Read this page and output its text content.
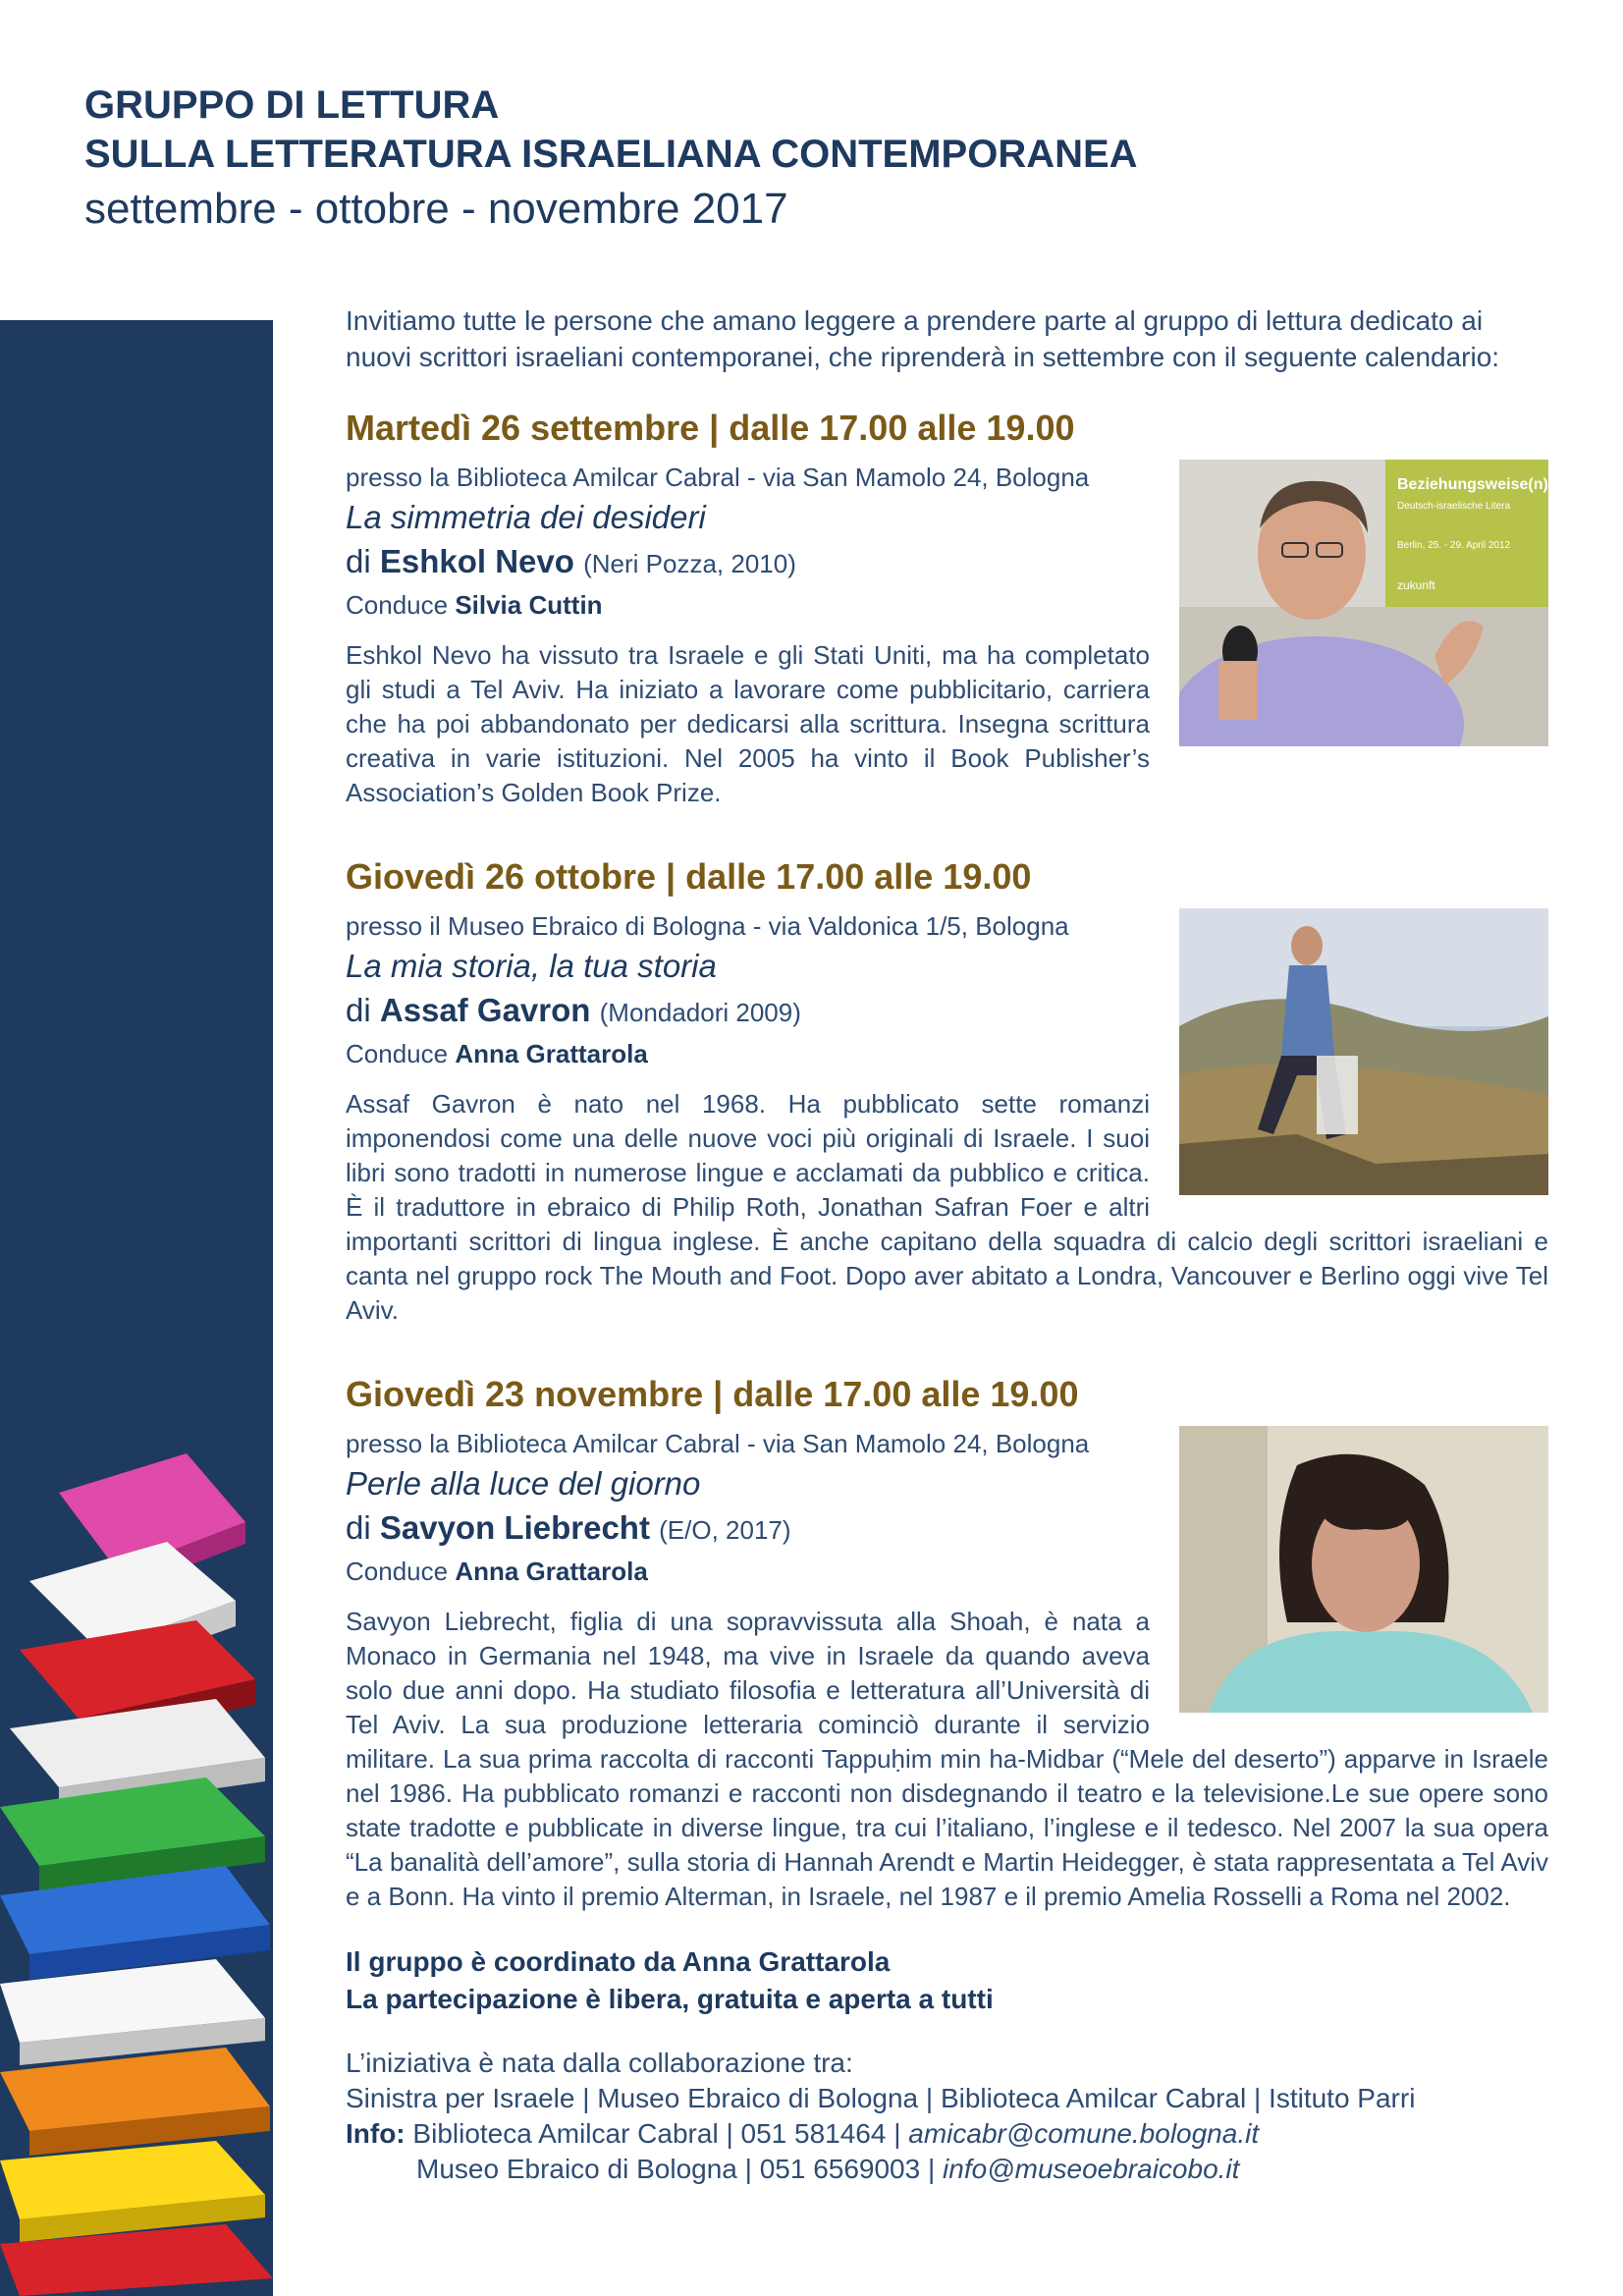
GRUPPO DI LETTURA
SULLA LETTERATURA ISRAELIANA CONTEMPORANEA
settembre - ottobre - novembre 2017

Invitiamo tutte le persone che amano leggere a prendere parte al gruppo di lettura dedicato ai nuovi scrittori israeliani contemporanei, che riprenderà in settembre con il seguente calendario:

Martedì 26 settembre | dalle 17.00 alle 19.00
Beziehungsweise(n)
Deutsch-israelische Litera
Berlin, 25. - 29. April 2012
zukunft
presso la Biblioteca Amilcar Cabral - via San Mamolo 24, Bologna
La simmetria dei desideri
di Eshkol Nevo (Neri Pozza, 2010)
Conduce Silvia Cuttin
Eshkol Nevo ha vissuto tra Israele e gli Stati Uniti, ma ha completato gli studi a Tel Aviv. Ha iniziato a lavorare come pubblicitario, carriera che ha poi abbandonato per dedicarsi alla scrittura. Insegna scrittura creativa in varie istituzioni. Nel 2005 ha vinto il Book Publisher’s Association’s Golden Book Prize.
Giovedì 26 ottobre | dalle 17.00 alle 19.00
presso il Museo Ebraico di Bologna - via Valdonica 1/5, Bologna
La mia storia, la tua storia
di Assaf Gavron (Mondadori 2009)
Conduce Anna Grattarola
Assaf Gavron è nato nel 1968. Ha pubblicato sette romanzi imponendosi come una delle nuove voci più originali di Israele. I suoi libri sono tradotti in numerose lingue e acclamati da pubblico e critica. È il traduttore in ebraico di Philip Roth, Jonathan Safran Foer e altri importanti scrittori di lingua inglese. È anche capitano della squadra di calcio degli scrittori israeliani e canta nel gruppo rock The Mouth and Foot. Dopo aver abitato a Londra, Vancouver e Berlino oggi vive Tel Aviv.
Giovedì 23 novembre | dalle 17.00 alle 19.00
presso la Biblioteca Amilcar Cabral - via San Mamolo 24, Bologna
Perle alla luce del giorno
di Savyon Liebrecht (E/O, 2017)
Conduce Anna Grattarola
Savyon Liebrecht, figlia di una sopravvissuta alla Shoah, è nata a Monaco in Germania nel 1948, ma vive in Israele da quando aveva solo due anni dopo. Ha studiato filosofia e letteratura all’Università di Tel Aviv. La sua produzione letteraria cominciò durante il servizio militare. La sua prima raccolta di racconti Tappuḥim min ha-Midbar (“Mele del deserto”) apparve in Israele nel 1986. Ha pubblicato romanzi e racconti non disdegnando il teatro e la televisione.Le sue opere sono state tradotte e pubblicate in diverse lingue, tra cui l’italiano, l’inglese e il tedesco. Nel 2007 la sua opera “La banalità dell’amore”, sulla storia di Hannah Arendt e Martin Heidegger, è stata rappresentata a Tel Aviv e a Bonn. Ha vinto il premio Alterman, in Israele, nel 1987 e il premio Amelia Rosselli a Roma nel 2002.
Il gruppo è coordinato da Anna Grattarola
La partecipazione è libera, gratuita e aperta a tutti
L’iniziativa è nata dalla collaborazione tra:
Sinistra per Israele | Museo Ebraico di Bologna | Biblioteca Amilcar Cabral | Istituto Parri
Info: Biblioteca Amilcar Cabral | 051 581464 | amicabr@comune.bologna.it
Museo Ebraico di Bologna | 051 6569003 | info@museoebraicobo.it
